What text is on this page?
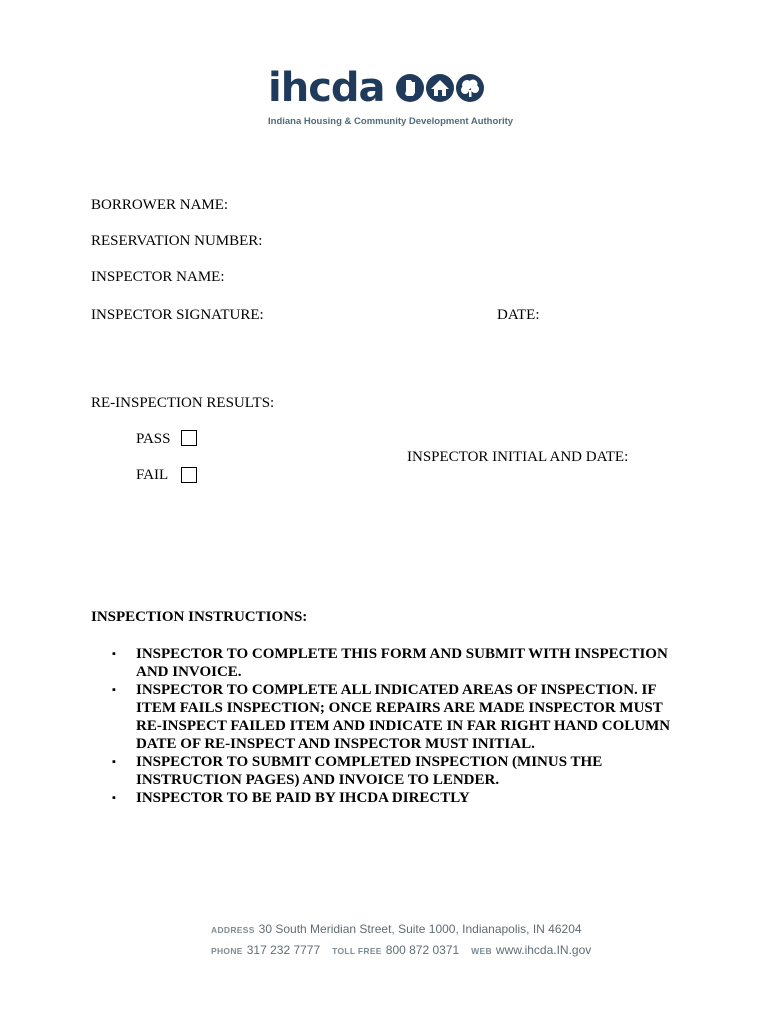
ihcda
Indiana Housing & Community Development Authority
BORROWER NAME:
RESERVATION NUMBER:
INSPECTOR NAME:
INSPECTOR SIGNATURE:	DATE:
RE-INSPECTION RESULTS:
PASS
FAIL
INSPECTOR INITIAL AND DATE:
INSPECTION INSTRUCTIONS:
▪ INSPECTOR TO COMPLETE THIS FORM AND SUBMIT WITH INSPECTION AND INVOICE.
▪ INSPECTOR TO COMPLETE ALL INDICATED AREAS OF INSPECTION. IF ITEM FAILS INSPECTION; ONCE REPAIRS ARE MADE INSPECTOR MUST RE-INSPECT FAILED ITEM AND INDICATE IN FAR RIGHT HAND COLUMN DATE OF RE-INSPECT AND INSPECTOR MUST INITIAL.
▪ INSPECTOR TO SUBMIT COMPLETED INSPECTION (MINUS THE INSTRUCTION PAGES) AND INVOICE TO LENDER.
▪ INSPECTOR TO BE PAID BY IHCDA DIRECTLY
ADDRESS 30 South Meridian Street, Suite 1000, Indianapolis, IN 46204
PHONE 317 232 7777 TOLL FREE 800 872 0371 WEB www.ihcda.IN.gov
